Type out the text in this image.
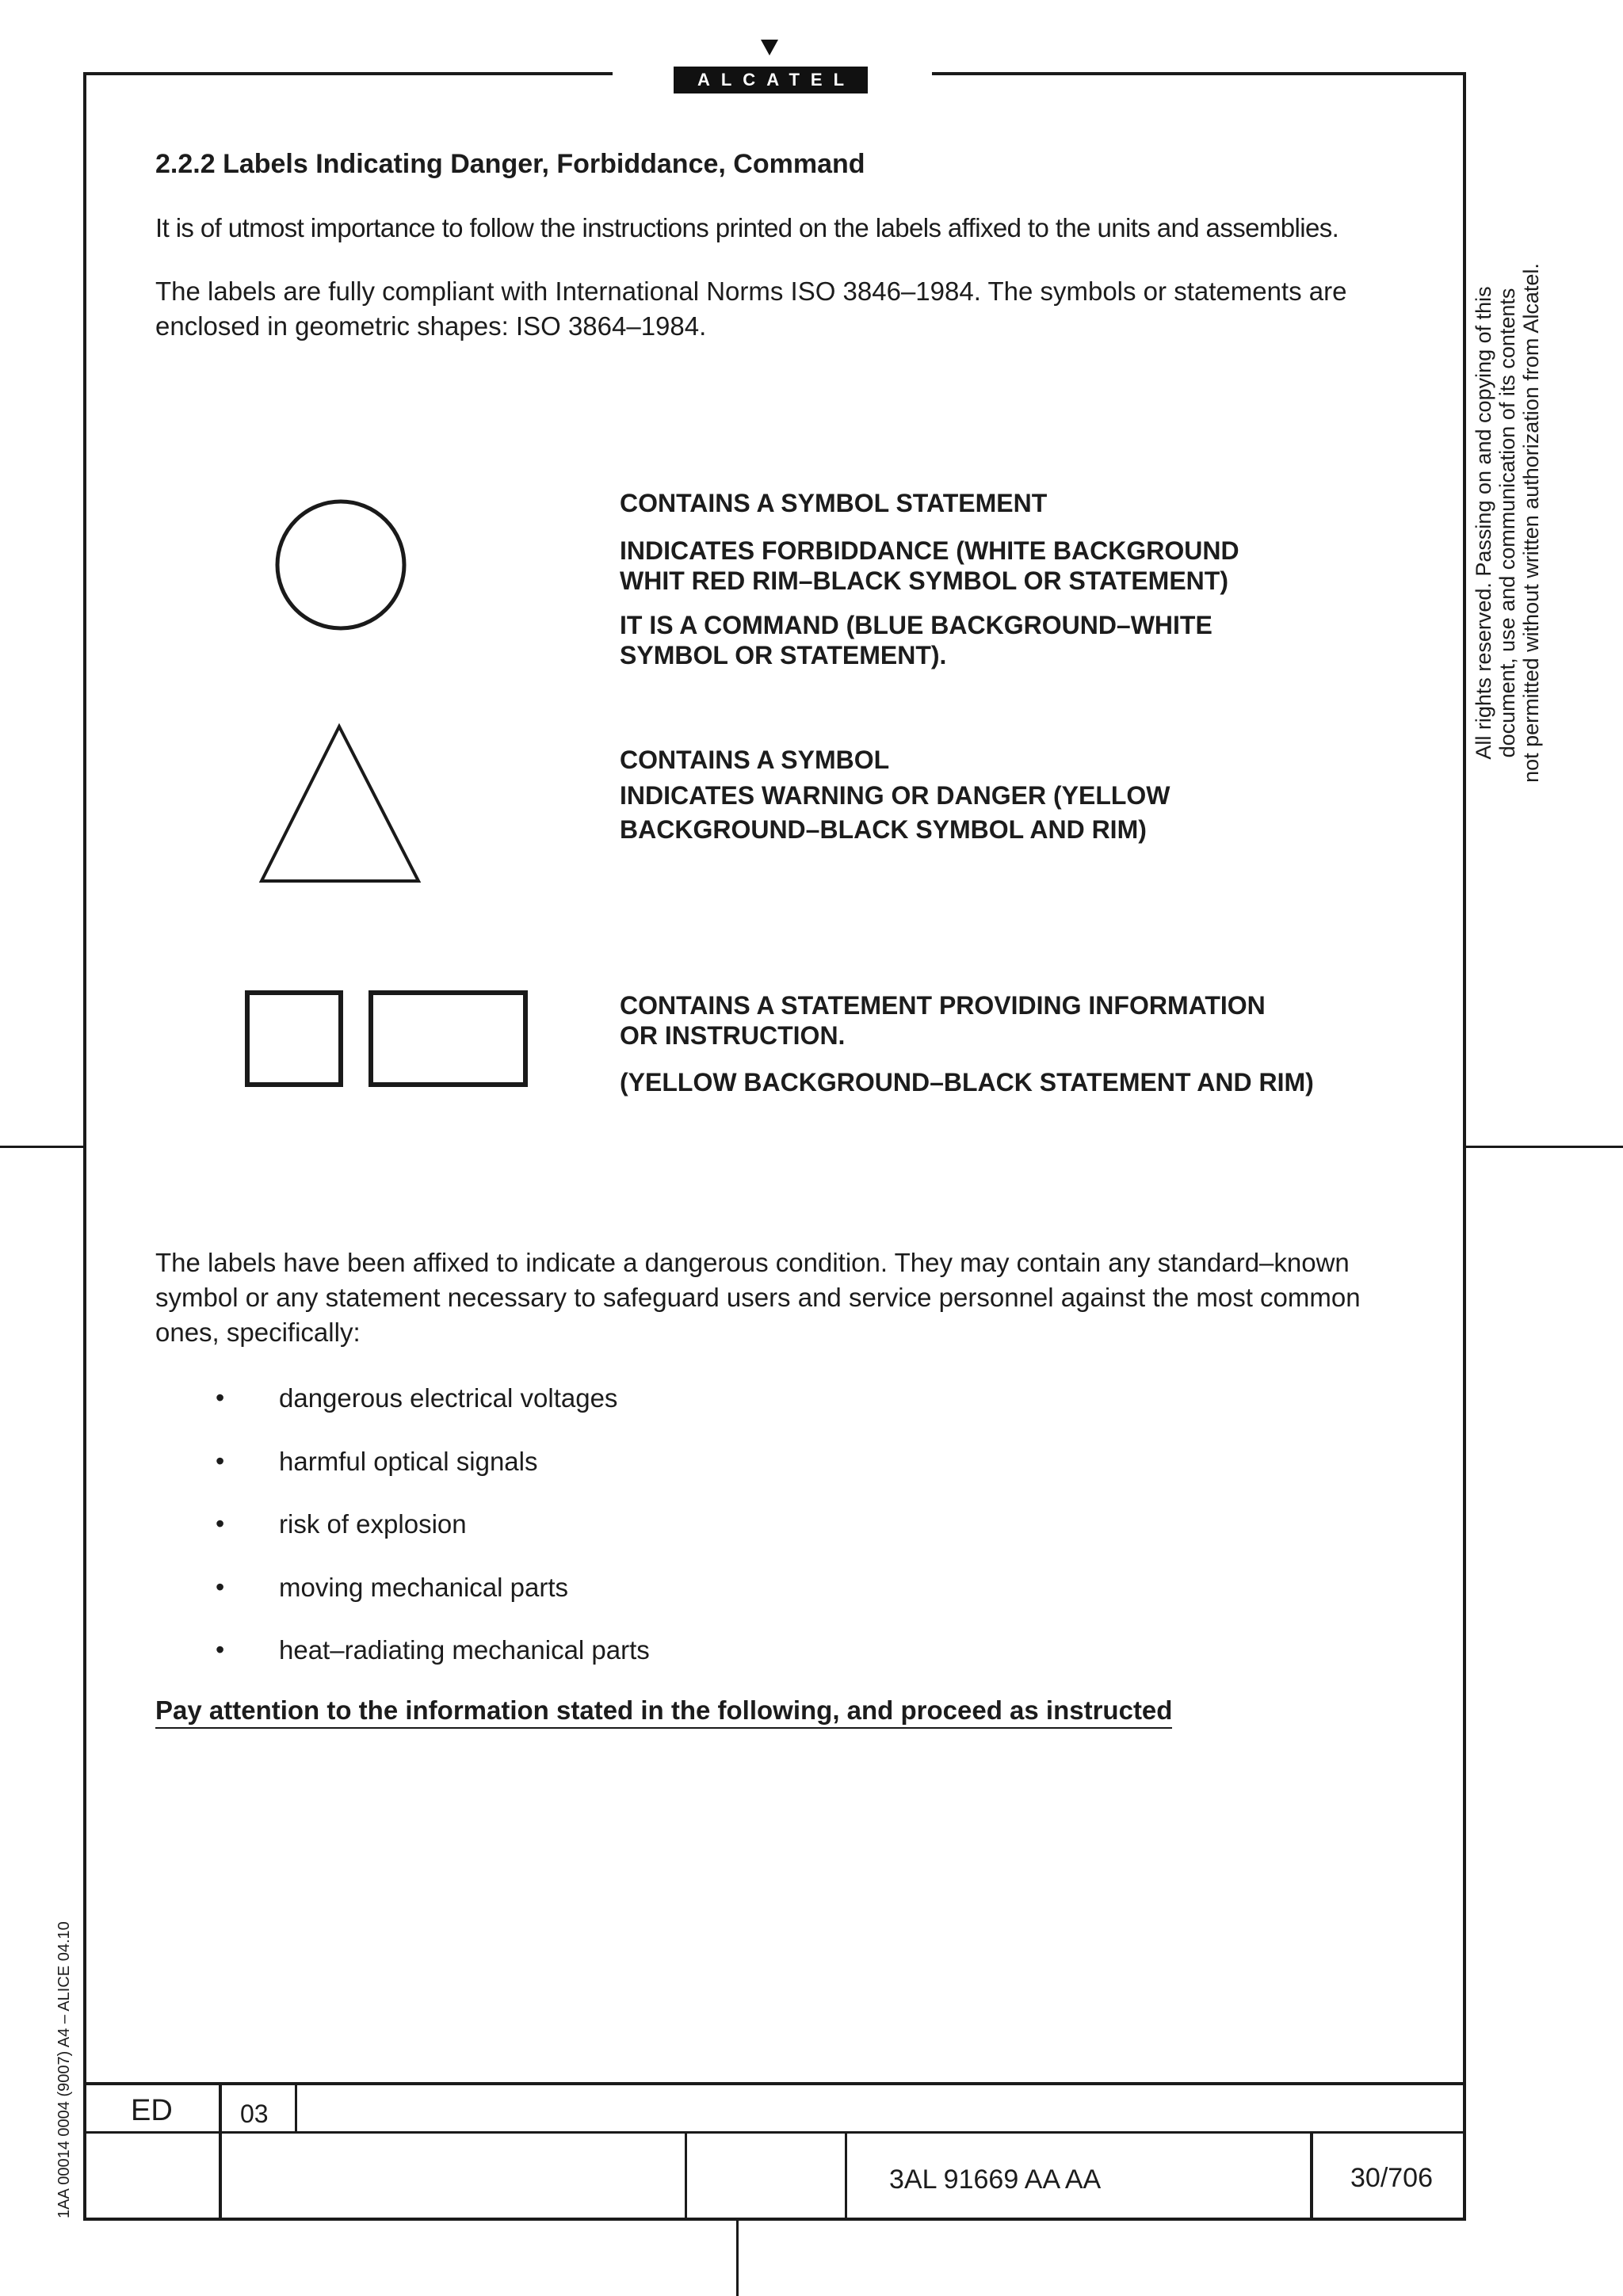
ALCATEL
2.2.2 Labels Indicating Danger, Forbiddance, Command
It is of utmost importance to follow the instructions printed on the labels affixed to the units and assemblies.
The labels are fully compliant with International Norms ISO 3846–1984. The symbols or statements are enclosed in geometric shapes: ISO 3864–1984.
CONTAINS A SYMBOL STATEMENT
INDICATES FORBIDDANCE (WHITE BACKGROUND
WHIT RED RIM–BLACK SYMBOL OR STATEMENT)
IT IS A COMMAND (BLUE BACKGROUND–WHITE
SYMBOL OR STATEMENT).
CONTAINS A SYMBOL
INDICATES WARNING OR DANGER (YELLOW
BACKGROUND–BLACK SYMBOL AND RIM)
CONTAINS A STATEMENT PROVIDING INFORMATION
OR INSTRUCTION.
(YELLOW BACKGROUND–BLACK STATEMENT AND RIM)
The labels have been affixed to indicate a dangerous condition. They may contain any standard–known symbol or any statement necessary to safeguard users and service personnel against the most common ones, specifically:
• dangerous electrical voltages
• harmful optical signals
• risk of explosion
• moving mechanical parts
• heat–radiating mechanical parts
Pay attention to the information stated in the following, and proceed as instructed
All rights reserved. Passing on and copying of this document, use and communication of its contents not permitted without written authorization from Alcatel.
1AA 00014 0004 (9007) A4 – ALICE 04.10 ED	03
3AL 91669 AA AA	30/706
